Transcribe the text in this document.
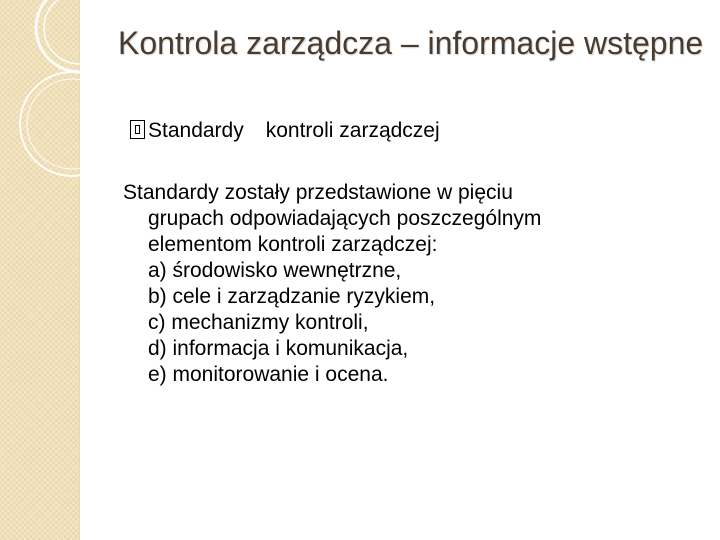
Kontrola zarządcza – informacje wstępne
Standardy kontroli zarządczej
Standardy zostały przedstawione w pięciu
grupach odpowiadających poszczególnym
elementom kontroli zarządczej:
a) środowisko wewnętrzne,
b) cele i zarządzanie ryzykiem,
c) mechanizmy kontroli,
d) informacja i komunikacja,
e) monitorowanie i ocena.
